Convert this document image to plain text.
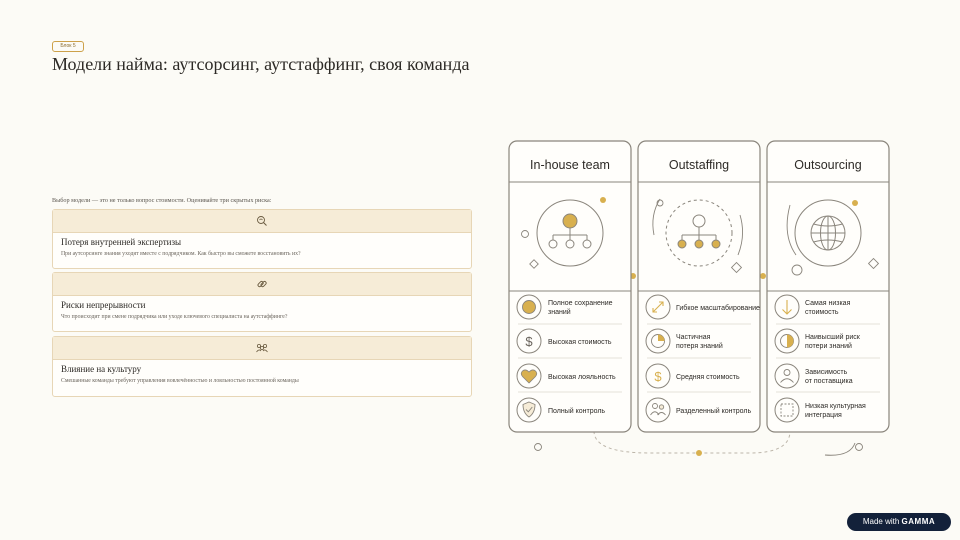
Блок 5
Модели найма: аутсорсинг, аутстаффинг, своя команда
Выбор модели — это не только вопрос стоимости. Оценивайте три скрытых риска:
Потеря внутренней экспертизы
При аутсорсинге знания уходят вместе с подрядчиком. Как быстро вы сможете восстановить их?
Риски непрерывности
Что происходит при смене подрядчика или уходе ключевого специалиста на аутстаффинге?
Влияние на культуру
Смешанные команды требуют управления вовлечённостью и лояльностью постоянной команды
In-house team
$
Полное сохранение знаний
Высокая стоимость
Высокая лояльность
Полный контроль
Outstaffing
$
Гибкое масштабирование
Частичная потеря знаний
Средняя стоимость
Разделенный контроль
Outsourcing
Самая низкая стоимость
Наивысший риск потери знаний
Зависимость от поставщика
Низкая культурная интеграция
Made with GAMMA
